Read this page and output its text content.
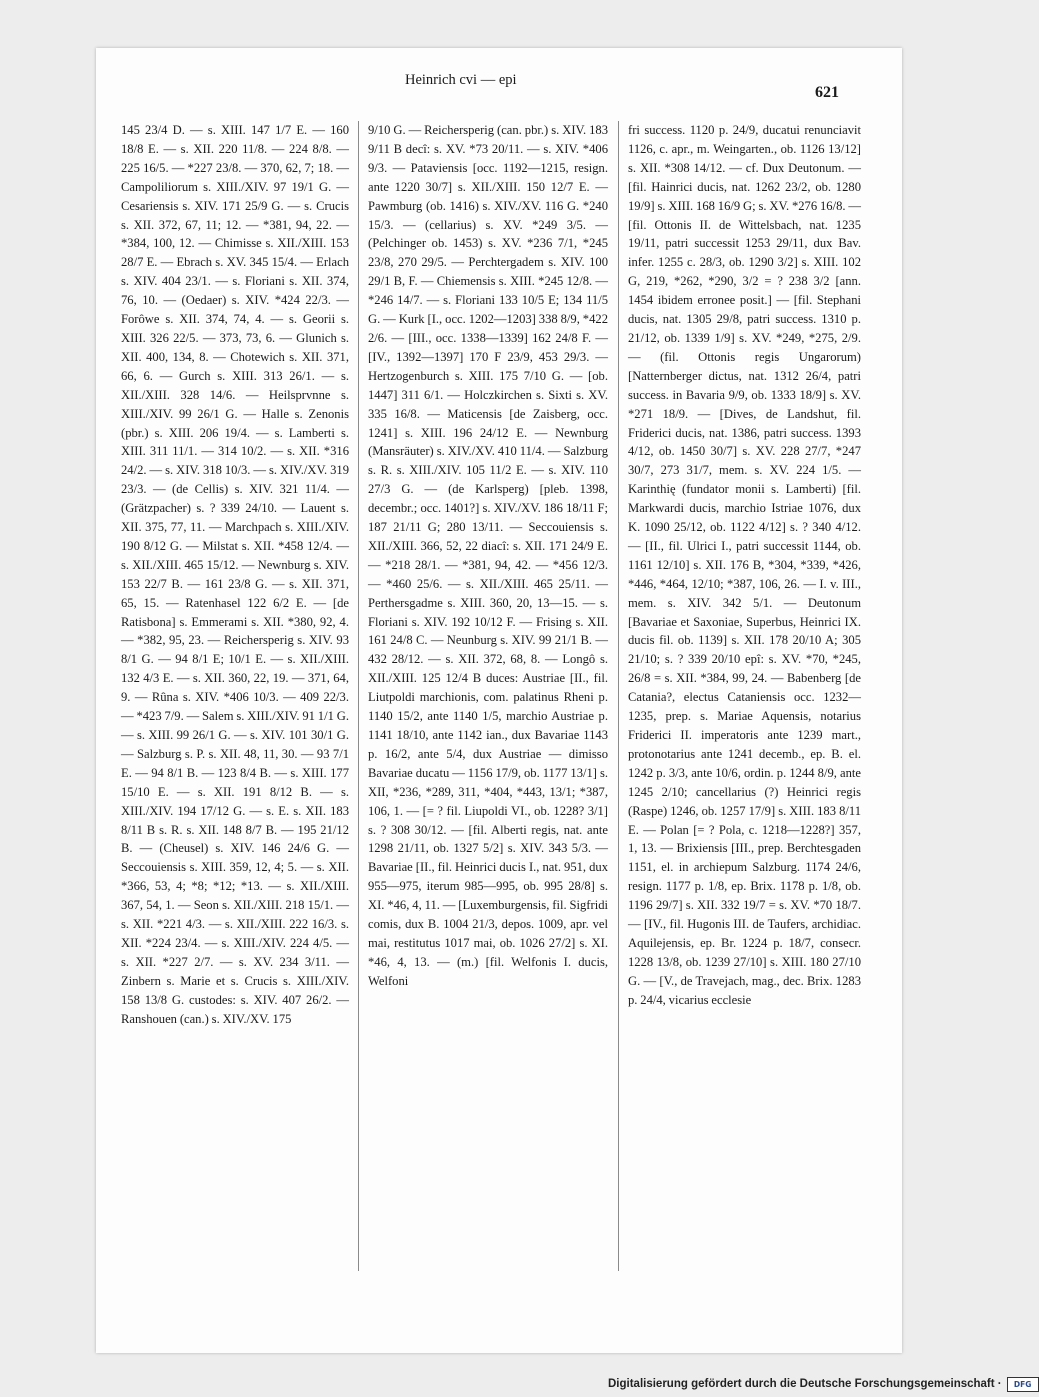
Heinrich cvi — epi
621

145 23/4 D. — s. XIII. 147 1/7 E. — 160 18/8 E. — s. XII. 220 11/8. — 224 8/8. — 225 16/5. — *227 23/8. — 370, 62, 7; 18. — Campoliliorum s. XIII./XIV. 97 19/1 G. — Cesariensis s. XIV. 171 25/9 G. — s. Crucis s. XII. 372, 67, 11; 12. — *381, 94, 22. — *384, 100, 12. — Chimisse s. XII./XIII. 153 28/7 E. — Ebrach s. XV. 345 15/4. — Erlach s. XIV. 404 23/1. — s. Floriani s. XII. 374, 76, 10. — (Oedaer) s. XIV. *424 22/3. — Forôwe s. XII. 374, 74, 4. — s. Georii s. XIII. 326 22/5. — 373, 73, 6. — Glunich s. XII. 400, 134, 8. — Chotewich s. XII. 371, 66, 6. — Gurch s. XIII. 313 26/1. — s. XII./XIII. 328 14/6. — Heilsprvnne s. XIII./XIV. 99 26/1 G. — Halle s. Zenonis (pbr.) s. XIII. 206 19/4. — s. Lamberti s. XIII. 311 11/1. — 314 10/2. — s. XII. *316 24/2. — s. XIV. 318 10/3. — s. XIV./XV. 319 23/3. — (de Cellis) s. XIV. 321 11/4. — (Grätzpacher) s. ? 339 24/10. — Lauent s. XII. 375, 77, 11. — Marchpach s. XIII./XIV. 190 8/12 G. — Milstat s. XII. *458 12/4. — s. XII./XIII. 465 15/12. — Newnburg s. XIV. 153 22/7 B. — 161 23/8 G. — s. XII. 371, 65, 15. — Ratenhasel 122 6/2 E. — [de Ratisbona] s. Emmerami s. XII. *380, 92, 4. — *382, 95, 23. — Reichersperig s. XIV. 93 8/1 G. — 94 8/1 E; 10/1 E. — s. XII./XIII. 132 4/3 E. — s. XII. 360, 22, 19. — 371, 64, 9. — Rûna s. XIV. *406 10/3. — 409 22/3. — *423 7/9. — Salem s. XIII./XIV. 91 1/1 G. — s. XIII. 99 26/1 G. — s. XIV. 101 30/1 G. — Salzburg s. P. s. XII. 48, 11, 30. — 93 7/1 E. — 94 8/1 B. — 123 8/4 B. — s. XIII. 177 15/10 E. — s. XII. 191 8/12 B. — s. XIII./XIV. 194 17/12 G. — s. E. s. XII. 183 8/11 B s. R. s. XII. 148 8/7 B. — 195 21/12 B. — (Cheusel) s. XIV. 146 24/6 G. — Seccouiensis s. XIII. 359, 12, 4; 5. — s. XII. *366, 53, 4; *8; *12; *13. — s. XII./XIII. 367, 54, 1. — Seon s. XII./XIII. 218 15/1. — s. XII. *221 4/3. — s. XII./XIII. 222 16/3. s. XII. *224 23/4. — s. XIII./XIV. 224 4/5. — s. XII. *227 2/7. — s. XV. 234 3/11. — Zinbern s. Marie et s. Crucis s. XIII./XIV. 158 13/8 G. custodes: s. XIV. 407 26/2. — Ranshouen (can.) s. XIV./XV. 175

9/10 G. — Reichersperig (can. pbr.) s. XIV. 183 9/11 B decî: s. XV. *73 20/11. — s. XIV. *406 9/3. — Pataviensis [occ. 1192—1215, resign. ante 1220 30/7] s. XII./XIII. 150 12/7 E. — Pawmburg (ob. 1416) s. XIV./XV. 116 G. *240 15/3. — (cellarius) s. XV. *249 3/5. — (Pelchinger ob. 1453) s. XV. *236 7/1, *245 23/8, 270 29/5. — Perchtergadem s. XIV. 100 29/1 B, F. — Chiemensis s. XIII. *245 12/8. — *246 14/7. — s. Floriani 133 10/5 E; 134 11/5 G. — Kurk [I., occ. 1202—1203] 338 8/9, *422 2/6. — [III., occ. 1338—1339] 162 24/8 F. — [IV., 1392—1397] 170 F 23/9, 453 29/3. — Hertzogenburch s. XIII. 175 7/10 G. — [ob. 1447] 311 6/1. — Holczkirchen s. Sixti s. XV. 335 16/8. — Maticensis [de Zaisberg, occ. 1241] s. XIII. 196 24/12 E. — Newnburg (Mansräuter) s. XIV./XV. 410 11/4. — Salzburg s. R. s. XIII./XIV. 105 11/2 E. — s. XIV. 110 27/3 G. — (de Karlsperg) [pleb. 1398, decembr.; occ. 1401?] s. XIV./XV. 186 18/11 F; 187 21/11 G; 280 13/11. — Seccouiensis s. XII./XIII. 366, 52, 22 diacî: s. XII. 171 24/9 E. — *218 28/1. — *381, 94, 42. — *456 12/3. — *460 25/6. — s. XII./XIII. 465 25/11. — Perthersgadme s. XIII. 360, 20, 13—15. — s. Floriani s. XIV. 192 10/12 F. — Frising s. XII. 161 24/8 C. — Neunburg s. XIV. 99 21/1 B. — 432 28/12. — s. XII. 372, 68, 8. — Longô s. XII./XIII. 125 12/4 B duces: Austriae [II., fil. Liutpoldi marchionis, com. palatinus Rheni p. 1140 15/2, ante 1140 1/5, marchio Austriae p. 1141 18/10, ante 1142 ian., dux Bavariae 1143 p. 16/2, ante 5/4, dux Austriae — dimisso Bavariae ducatu — 1156 17/9, ob. 1177 13/1] s. XII, *236, *289, 311, *404, *443, 13/1; *387, 106, 1. — [= ? fil. Liupoldi VI., ob. 1228? 3/1] s. ? 308 30/12. — [fil. Alberti regis, nat. ante 1298 21/11, ob. 1327 5/2] s. XIV. 343 5/3. — Bavariae [II., fil. Heinrici ducis I., nat. 951, dux 955—975, iterum 985—995, ob. 995 28/8] s. XI. *46, 4, 11. — [Luxemburgensis, fil. Sigfridi comis, dux B. 1004 21/3, depos. 1009, apr. vel mai, restitutus 1017 mai, ob. 1026 27/2] s. XI. *46, 4, 13. — (m.) [fil. Welfonis I. ducis, Welfoni

fri success. 1120 p. 24/9, ducatui renunciavit 1126, c. apr., m. Weingarten., ob. 1126 13/12] s. XII. *308 14/12. — cf. Dux Deutonum. — [fil. Hainrici ducis, nat. 1262 23/2, ob. 1280 19/9] s. XIII. 168 16/9 G; s. XV. *276 16/8. — [fil. Ottonis II. de Wittelsbach, nat. 1235 19/11, patri successit 1253 29/11, dux Bav. infer. 1255 c. 28/3, ob. 1290 3/2] s. XIII. 102 G, 219, *262, *290, 3/2 = ? 238 3/2 [ann. 1454 ibidem erronee posit.] — [fil. Stephani ducis, nat. 1305 29/8, patri success. 1310 p. 21/12, ob. 1339 1/9] s. XV. *249, *275, 2/9. — (fil. Ottonis regis Ungarorum) [Natternberger dictus, nat. 1312 26/4, patri success. in Bavaria 9/9, ob. 1333 18/9] s. XV. *271 18/9. — [Dives, de Landshut, fil. Friderici ducis, nat. 1386, patri success. 1393 4/12, ob. 1450 30/7] s. XV. 228 27/7, *247 30/7, 273 31/7, mem. s. XV. 224 1/5. — Karinthię (fundator monii s. Lamberti) [fil. Markwardi ducis, marchio Istriae 1076, dux K. 1090 25/12, ob. 1122 4/12] s. ? 340 4/12. — [II., fil. Ulrici I., patri successit 1144, ob. 1161 12/10] s. XII. 176 B, *304, *339, *426, *446, *464, 12/10; *387, 106, 26. — I. v. III., mem. s. XIV. 342 5/1. — Deutonum [Bavariae et Saxoniae, Superbus, Heinrici IX. ducis fil. ob. 1139] s. XII. 178 20/10 A; 305 21/10; s. ? 339 20/10 epî: s. XV. *70, *245, 26/8 = s. XII. *384, 99, 24. — Babenberg [de Catania?, electus Cataniensis occ. 1232—1235, prep. s. Mariae Aquensis, notarius Friderici II. imperatoris ante 1239 mart., protonotarius ante 1241 decemb., ep. B. el. 1242 p. 3/3, ante 10/6, ordin. p. 1244 8/9, ante 1245 2/10; cancellarius (?) Heinrici regis (Raspe) 1246, ob. 1257 17/9] s. XIII. 183 8/11 E. — Polan [= ? Pola, c. 1218—1228?] 357, 1, 13. — Brixiensis [III., prep. Berchtesgaden 1151, el. in archiepum Salzburg. 1174 24/6, resign. 1177 p. 1/8, ep. Brix. 1178 p. 1/8, ob. 1196 29/7] s. XII. 332 19/7 = s. XV. *70 18/7. — [IV., fil. Hugonis III. de Taufers, archidiac. Aquilejensis, ep. Br. 1224 p. 18/7, consecr. 1228 13/8, ob. 1239 27/10] s. XIII. 180 27/10 G. — [V., de Travejach, mag., dec. Brix. 1283 p. 24/4, vicarius ecclesie

Digitalisierung gefördert durch die Deutsche Forschungsgemeinschaft ·	DFG
